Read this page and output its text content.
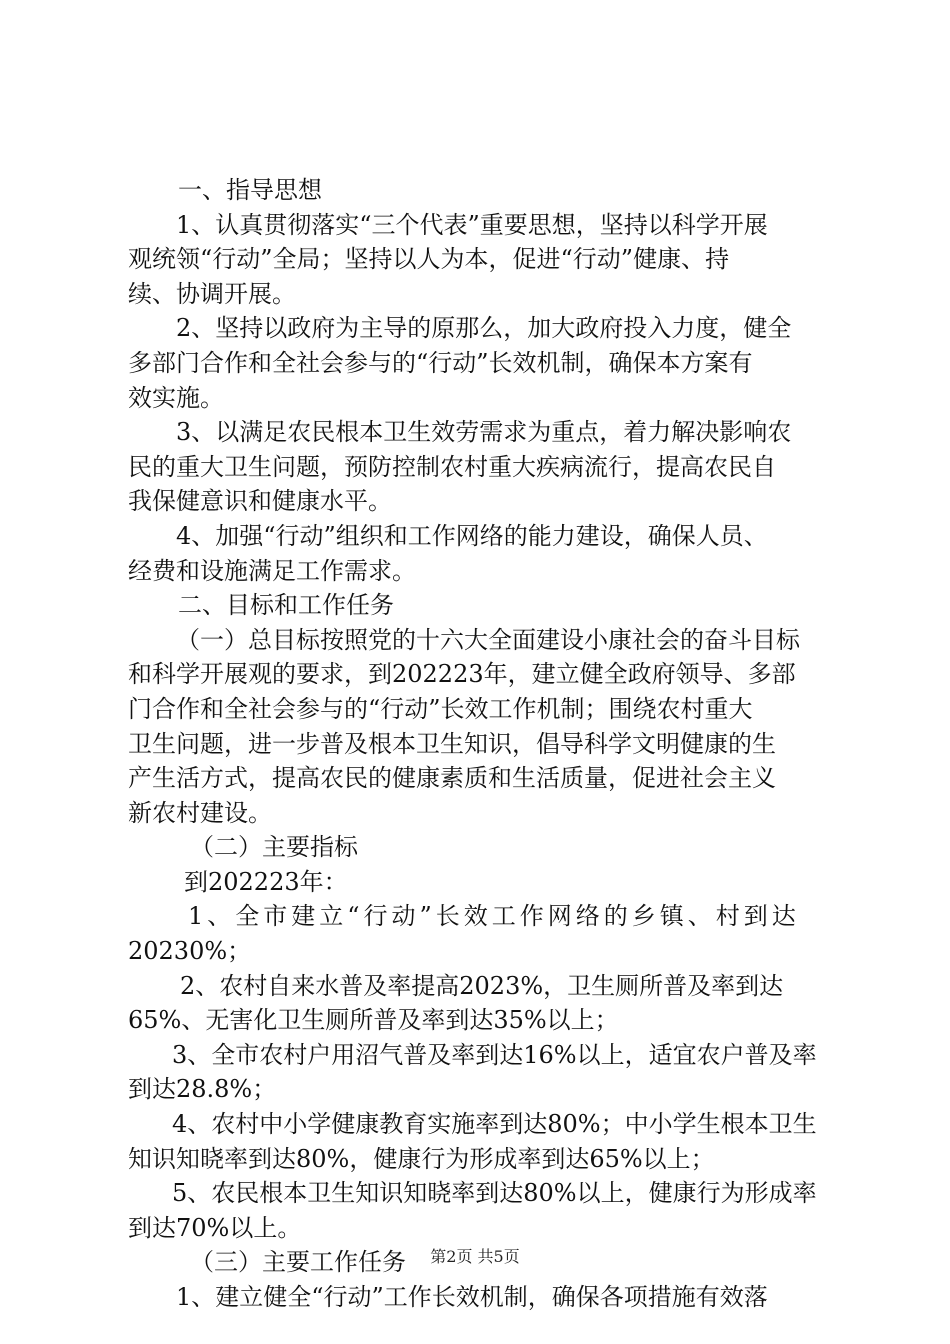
一、指导思想
1、认真贯彻落实“三个代表”重要思想，坚持以科学开展
观统领“行动”全局；坚持以人为本，促进“行动”健康、持
续、协调开展。
2、坚持以政府为主导的原那么，加大政府投入力度，健全
多部门合作和全社会参与的“行动”长效机制，确保本方案有
效实施。
3、以满足农民根本卫生效劳需求为重点，着力解决影响农
民的重大卫生问题，预防控制农村重大疾病流行，提高农民自
我保健意识和健康水平。
4、加强“行动”组织和工作网络的能力建设，确保人员、
经费和设施满足工作需求。
二、目标和工作任务
（一）总目标按照党的十六大全面建设小康社会的奋斗目标
和科学开展观的要求，到202223年，建立健全政府领导、多部
门合作和全社会参与的“行动”长效工作机制；围绕农村重大
卫生问题，进一步普及根本卫生知识，倡导科学文明健康的生
产生活方式，提高农民的健康素质和生活质量，促进社会主义
新农村建设。
（二）主要指标
到202223年：
1、全市建立“行动”长效工作网络的乡镇、村到达
20230%；
2、农村自来水普及率提高2023%，卫生厕所普及率到达
65%、无害化卫生厕所普及率到达35%以上；
3、全市农村户用沼气普及率到达16%以上，适宜农户普及率
到达28.8%；
4、农村中小学健康教育实施率到达80%；中小学生根本卫生
知识知晓率到达80%，健康行为形成率到达65%以上；
5、农民根本卫生知识知晓率到达80%以上，健康行为形成率
到达70%以上。
（三）主要工作任务
1、建立健全“行动”工作长效机制，确保各项措施有效落
第2页 共5页
